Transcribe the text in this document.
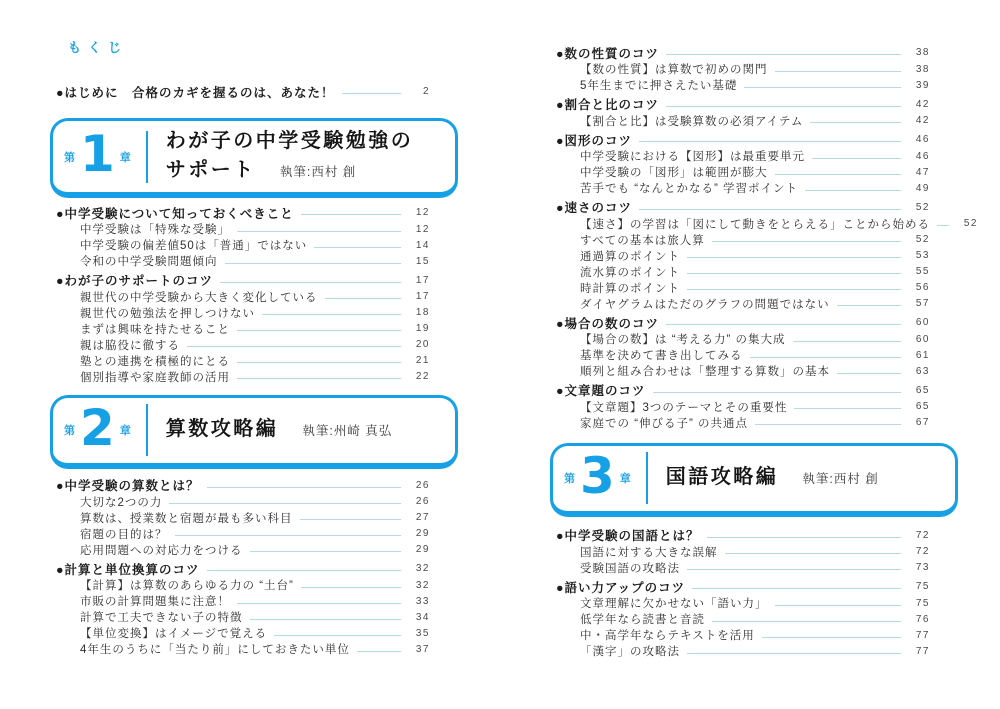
もくじ
●はじめに　合格のカギを握るのは、あなた！	2
第 1 章
わが子の中学受験勉強の
サポート 執筆:西村 創
●中学受験について知っておくべきこと	12
中学受験は「特殊な受験」	12
中学受験の偏差値50は「普通」ではない	14
令和の中学受験問題傾向	15
●わが子のサポートのコツ	17
親世代の中学受験から大きく変化している	17
親世代の勉強法を押しつけない	18
まずは興味を持たせること	19
親は脇役に徹する	20
塾との連携を積極的にとる	21
個別指導や家庭教師の活用	22
第 2 章 算数攻略編 執筆:州崎 真弘
●中学受験の算数とは？	26
大切な2つの力	26
算数は、授業数と宿題が最も多い科目	27
宿題の目的は？	29
応用問題への対応力をつける	29
●計算と単位換算のコツ	32
【計算】は算数のあらゆる力の “土台”	32
市販の計算問題集に注意！	33
計算で工夫できない子の特徴	34
【単位変換】はイメージで覚える	35
4年生のうちに「当たり前」にしておきたい単位	37
●数の性質のコツ	38
【数の性質】は算数で初めの関門	38
5年生までに押さえたい基礎	39
●割合と比のコツ	42
【割合と比】は受験算数の必須アイテム	42
●図形のコツ	46
中学受験における【図形】は最重要単元	46
中学受験の「図形」は範囲が膨大	47
苦手でも “なんとかなる” 学習ポイント	49
●速さのコツ	52
【速さ】の学習は「図にして動きをとらえる」ことから始める	52
すべての基本は旅人算	52
通過算のポイント	53
流水算のポイント	55
時計算のポイント	56
ダイヤグラムはただのグラフの問題ではない	57
●場合の数のコツ	60
【場合の数】は “考える力” の集大成	60
基準を決めて書き出してみる	61
順列と組み合わせは「整理する算数」の基本	63
●文章題のコツ	65
【文章題】3つのテーマとその重要性	65
家庭での “伸びる子” の共通点	67
第 3 章 国語攻略編 執筆:西村 創
●中学受験の国語とは？	72
国語に対する大きな誤解	72
受験国語の攻略法	73
●語い力アップのコツ	75
文章理解に欠かせない「語い力」	75
低学年なら読書と音読	76
中・高学年ならテキストを活用	77
「漢字」の攻略法	77
